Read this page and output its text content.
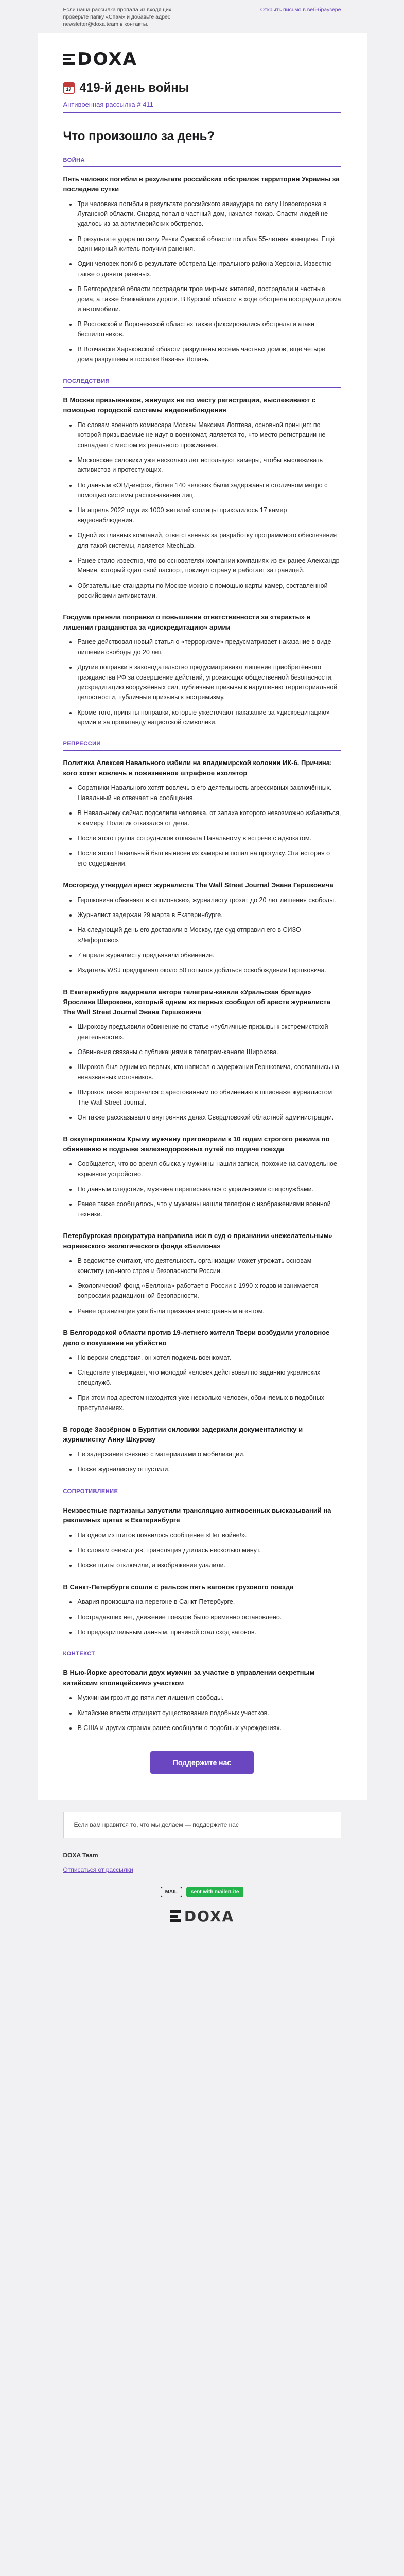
Если наша рассылка пропала из входящих, проверьте папку «Спам» и добавьте адрес newsletter@doxa.team в контакты.
Открыть письмо в веб-браузере
DOXA
17
419-й день войны

Антивоенная рассылка # 411

Что произошло за день?
ВОЙНА

Пять человек погибли в результате российских обстрелов территории Украины за последние сутки

Три человека погибли в результате российского авиаудара по селу Новоегоровка в Луганской области. Снаряд попал в частный дом, начался пожар. Спасти людей не удалось из-за артиллерийских обстрелов.
В результате удара по селу Речки Сумской области погибла 55-летняя женщина. Ещё один мирный житель получил ранения.
Один человек погиб в результате обстрела Центрального района Херсона. Известно также о девяти раненых.
В Белгородской области пострадали трое мирных жителей, пострадали и частные дома, а также ближайшие дороги. В Курской области в ходе обстрела пострадали дома и автомобили.
В Ростовской и Воронежской областях также фиксировались обстрелы и атаки беспилотников.
В Волчанске Харьковской области разрушены восемь частных домов, ещё четыре дома разрушены в поселке Казачья Лопань.
ПОСЛЕДСТВИЯ

В Москве призывников, живущих не по месту регистрации, выслеживают с помощью городской системы видеонаблюдения

По словам военного комиссара Москвы Максима Лоптева, основной принцип: по которой призываемые не идут в военкомат, является то, что место регистрации не совпадает с местом их реального проживания.
Московские силовики уже несколько лет используют камеры, чтобы выслеживать активистов и протестующих.
По данным «ОВД-инфо», более 140 человек были задержаны в столичном метро с помощью системы распознавания лиц.
На апрель 2022 года из 1000 жителей столицы приходилось 17 камер видеонаблюдения.
Одной из главных компаний, ответственных за разработку программного обеспечения для такой системы, является NtechLab.
Ранее стало известно, что во основателях компании компаниях из ex-ранее Александр Минин, который сдал свой паспорт, покинул страну и работает за границей.
Обязательные стандарты по Москве можно с помощью карты камер, составленной российскими активистами.

Госдума приняла поправки о повышении ответственности за «теракты» и лишении гражданства за «дискредитацию» армии

Ранее действовал новый статья о «терроризме» предусматривает наказание в виде лишения свободы до 20 лет.
Другие поправки в законодательство предусматривают лишение приобретённого гражданства РФ за совершение действий, угрожающих общественной безопасности, дискредитацию вооружённых сил, публичные призывы к нарушению территориальной целостности, публичные призывы к экстремизму.
Кроме того, приняты поправки, которые ужесточают наказание за «дискредитацию» армии и за пропаганду нацистской символики.
РЕПРЕССИИ

Политика Алексея Навального избили на владимирской колонии ИК-6. Причина: кого хотят вовлечь в пожизненное штрафное изолятор

Соратники Навального хотят вовлечь в его деятельность агрессивных заключённых. Навальный не отвечает на сообщения.
В Навальному сейчас подселили человека, от запаха которого невозможно избавиться, в камеру. Политик отказался от дела.
После этого группа сотрудников отказала Навальному в встрече с адвокатом.
После этого Навальный был вынесен из камеры и попал на прогулку. Эта история о его содержании.

Мосгорсуд утвердил арест журналиста The Wall Street Journal Эвана Гершковича

Гершковича обвиняют в «шпионаже», журналисту грозит до 20 лет лишения свободы.
Журналист задержан 29 марта в Екатеринбурге.
На следующий день его доставили в Москву, где суд отправил его в СИЗО «Лефортово».
7 апреля журналисту предъявили обвинение.
Издатель WSJ предпринял около 50 попыток добиться освобождения Гершковича.

В Екатеринбурге задержали автора телеграм-канала «Уральская бригада» Ярослава Широкова, который одним из первых сообщил об аресте журналиста The Wall Street Journal Эвана Гершковича

Широкову предъявили обвинение по статье «публичные призывы к экстремистской деятельности».
Обвинения связаны с публикациями в телеграм-канале Широкова.
Широков был одним из первых, кто написал о задержании Гершковича, сославшись на неназванных источников.
Широков также встречался с арестованным по обвинению в шпионаже журналистом The Wall Street Journal.
Он также рассказывал о внутренних делах Свердловской областной администрации.

В оккупированном Крыму мужчину приговорили к 10 годам строгого режима по обвинению в подрыве железнодорожных путей по подаче поезда

Сообщается, что во время обыска у мужчины нашли записи, похожие на самодельное взрывное устройство.
По данным следствия, мужчина переписывался с украинскими спецслужбами.
Ранее также сообщалось, что у мужчины нашли телефон с изображениями военной техники.

Петербургская прокуратура направила иск в суд о признании «нежелательным» норвежского экологического фонда «Беллона»

В ведомстве считают, что деятельность организации может угрожать основам конституционного строя и безопасности России.
Экологический фонд «Беллона» работает в России с 1990-х годов и занимается вопросами радиационной безопасности.
Ранее организация уже была признана иностранным агентом.

В Белгородской области против 19-летнего жителя Твери возбудили уголовное дело о покушении на убийство

По версии следствия, он хотел поджечь военкомат.
Следствие утверждает, что молодой человек действовал по заданию украинских спецслужб.
При этом под арестом находится уже несколько человек, обвиняемых в подобных преступлениях.

В городе Заозёрном в Бурятии силовики задержали документалистку и журналистку Анну Шкурову

Её задержание связано с материалами о мобилизации.
Позже журналистку отпустили.
СОПРОТИВЛЕНИЕ

Неизвестные партизаны запустили трансляцию антивоенных высказываний на рекламных щитах в Екатеринбурге

На одном из щитов появилось сообщение «Нет войне!».
По словам очевидцев, трансляция длилась несколько минут.
Позже щиты отключили, а изображение удалили.

В Санкт-Петербурге сошли с рельсов пять вагонов грузового поезда

Авария произошла на перегоне в Санкт-Петербурге.
Пострадавших нет, движение поездов было временно остановлено.
По предварительным данным, причиной стал сход вагонов.
КОНТЕКСТ

В Нью-Йорке арестовали двух мужчин за участие в управлении секретным китайским «полицейским» участком

Мужчинам грозит до пяти лет лишения свободы.
Китайские власти отрицают существование подобных участков.
В США и других странах ранее сообщали о подобных учреждениях.
Поддержите нас
Если вам нравится то, что мы делаем — поддержите нас

DOXA Team

Отписаться от рассылки
MAIL	sent with mailerLite
DOXA
